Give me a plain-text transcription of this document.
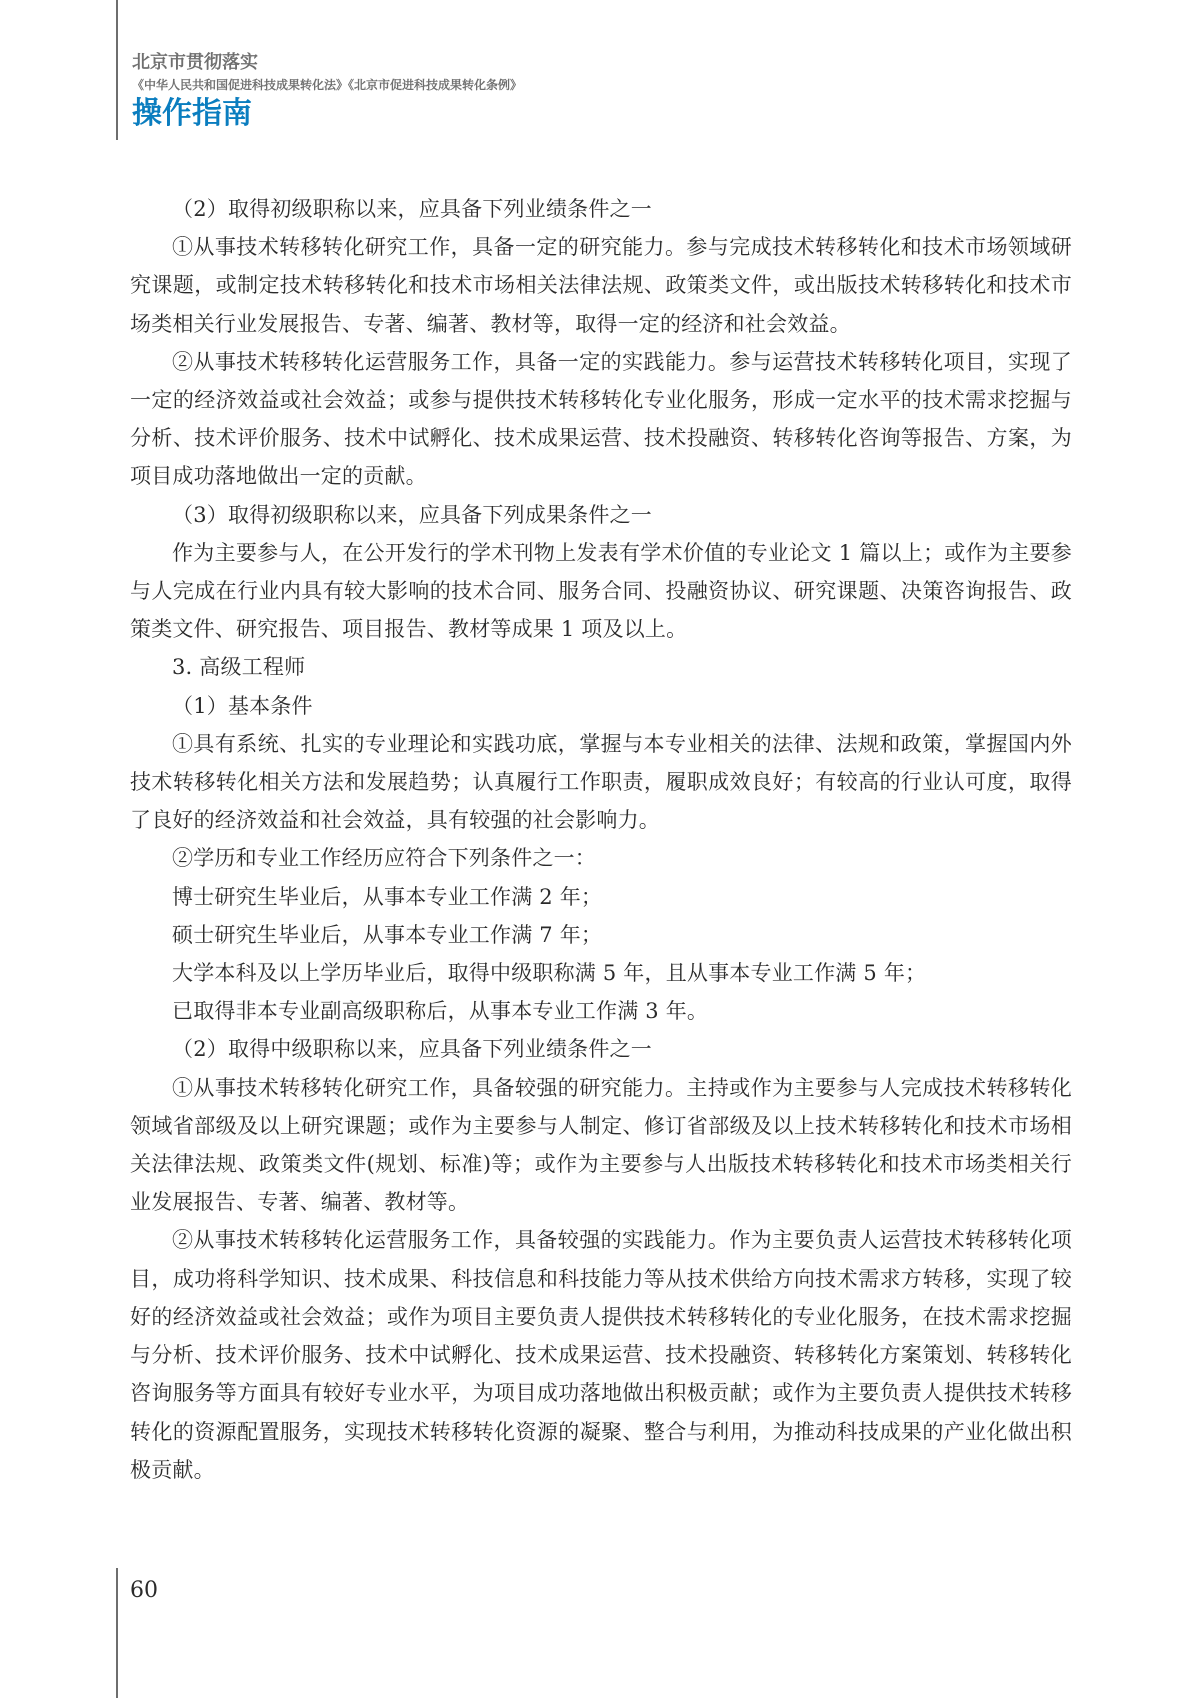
北京市贯彻落实
《中华人民共和国促进科技成果转化法》《北京市促进科技成果转化条例》
操作指南

（2）取得初级职称以来，应具备下列业绩条件之一

①从事技术转移转化研究工作，具备一定的研究能力。参与完成技术转移转化和技术市场领域研究课题，或制定技术转移转化和技术市场相关法律法规、政策类文件，或出版技术转移转化和技术市场类相关行业发展报告、专著、编著、教材等，取得一定的经济和社会效益。

②从事技术转移转化运营服务工作，具备一定的实践能力。参与运营技术转移转化项目，实现了一定的经济效益或社会效益；或参与提供技术转移转化专业化服务，形成一定水平的技术需求挖掘与分析、技术评价服务、技术中试孵化、技术成果运营、技术投融资、转移转化咨询等报告、方案，为项目成功落地做出一定的贡献。

（3）取得初级职称以来，应具备下列成果条件之一

作为主要参与人，在公开发行的学术刊物上发表有学术价值的专业论文 1 篇以上；或作为主要参与人完成在行业内具有较大影响的技术合同、服务合同、投融资协议、研究课题、决策咨询报告、政策类文件、研究报告、项目报告、教材等成果 1 项及以上。

3. 高级工程师

（1）基本条件

①具有系统、扎实的专业理论和实践功底，掌握与本专业相关的法律、法规和政策，掌握国内外技术转移转化相关方法和发展趋势；认真履行工作职责，履职成效良好；有较高的行业认可度，取得了良好的经济效益和社会效益，具有较强的社会影响力。

②学历和专业工作经历应符合下列条件之一：

博士研究生毕业后，从事本专业工作满 2 年；

硕士研究生毕业后，从事本专业工作满 7 年；

大学本科及以上学历毕业后，取得中级职称满 5 年，且从事本专业工作满 5 年；

已取得非本专业副高级职称后，从事本专业工作满 3 年。

（2）取得中级职称以来，应具备下列业绩条件之一

①从事技术转移转化研究工作，具备较强的研究能力。主持或作为主要参与人完成技术转移转化领域省部级及以上研究课题；或作为主要参与人制定、修订省部级及以上技术转移转化和技术市场相关法律法规、政策类文件(规划、标准)等；或作为主要参与人出版技术转移转化和技术市场类相关行业发展报告、专著、编著、教材等。

②从事技术转移转化运营服务工作，具备较强的实践能力。作为主要负责人运营技术转移转化项目，成功将科学知识、技术成果、科技信息和科技能力等从技术供给方向技术需求方转移，实现了较好的经济效益或社会效益；或作为项目主要负责人提供技术转移转化的专业化服务，在技术需求挖掘与分析、技术评价服务、技术中试孵化、技术成果运营、技术投融资、转移转化方案策划、转移转化咨询服务等方面具有较好专业水平，为项目成功落地做出积极贡献；或作为主要负责人提供技术转移转化的资源配置服务，实现技术转移转化资源的凝聚、整合与利用，为推动科技成果的产业化做出积极贡献。

60
